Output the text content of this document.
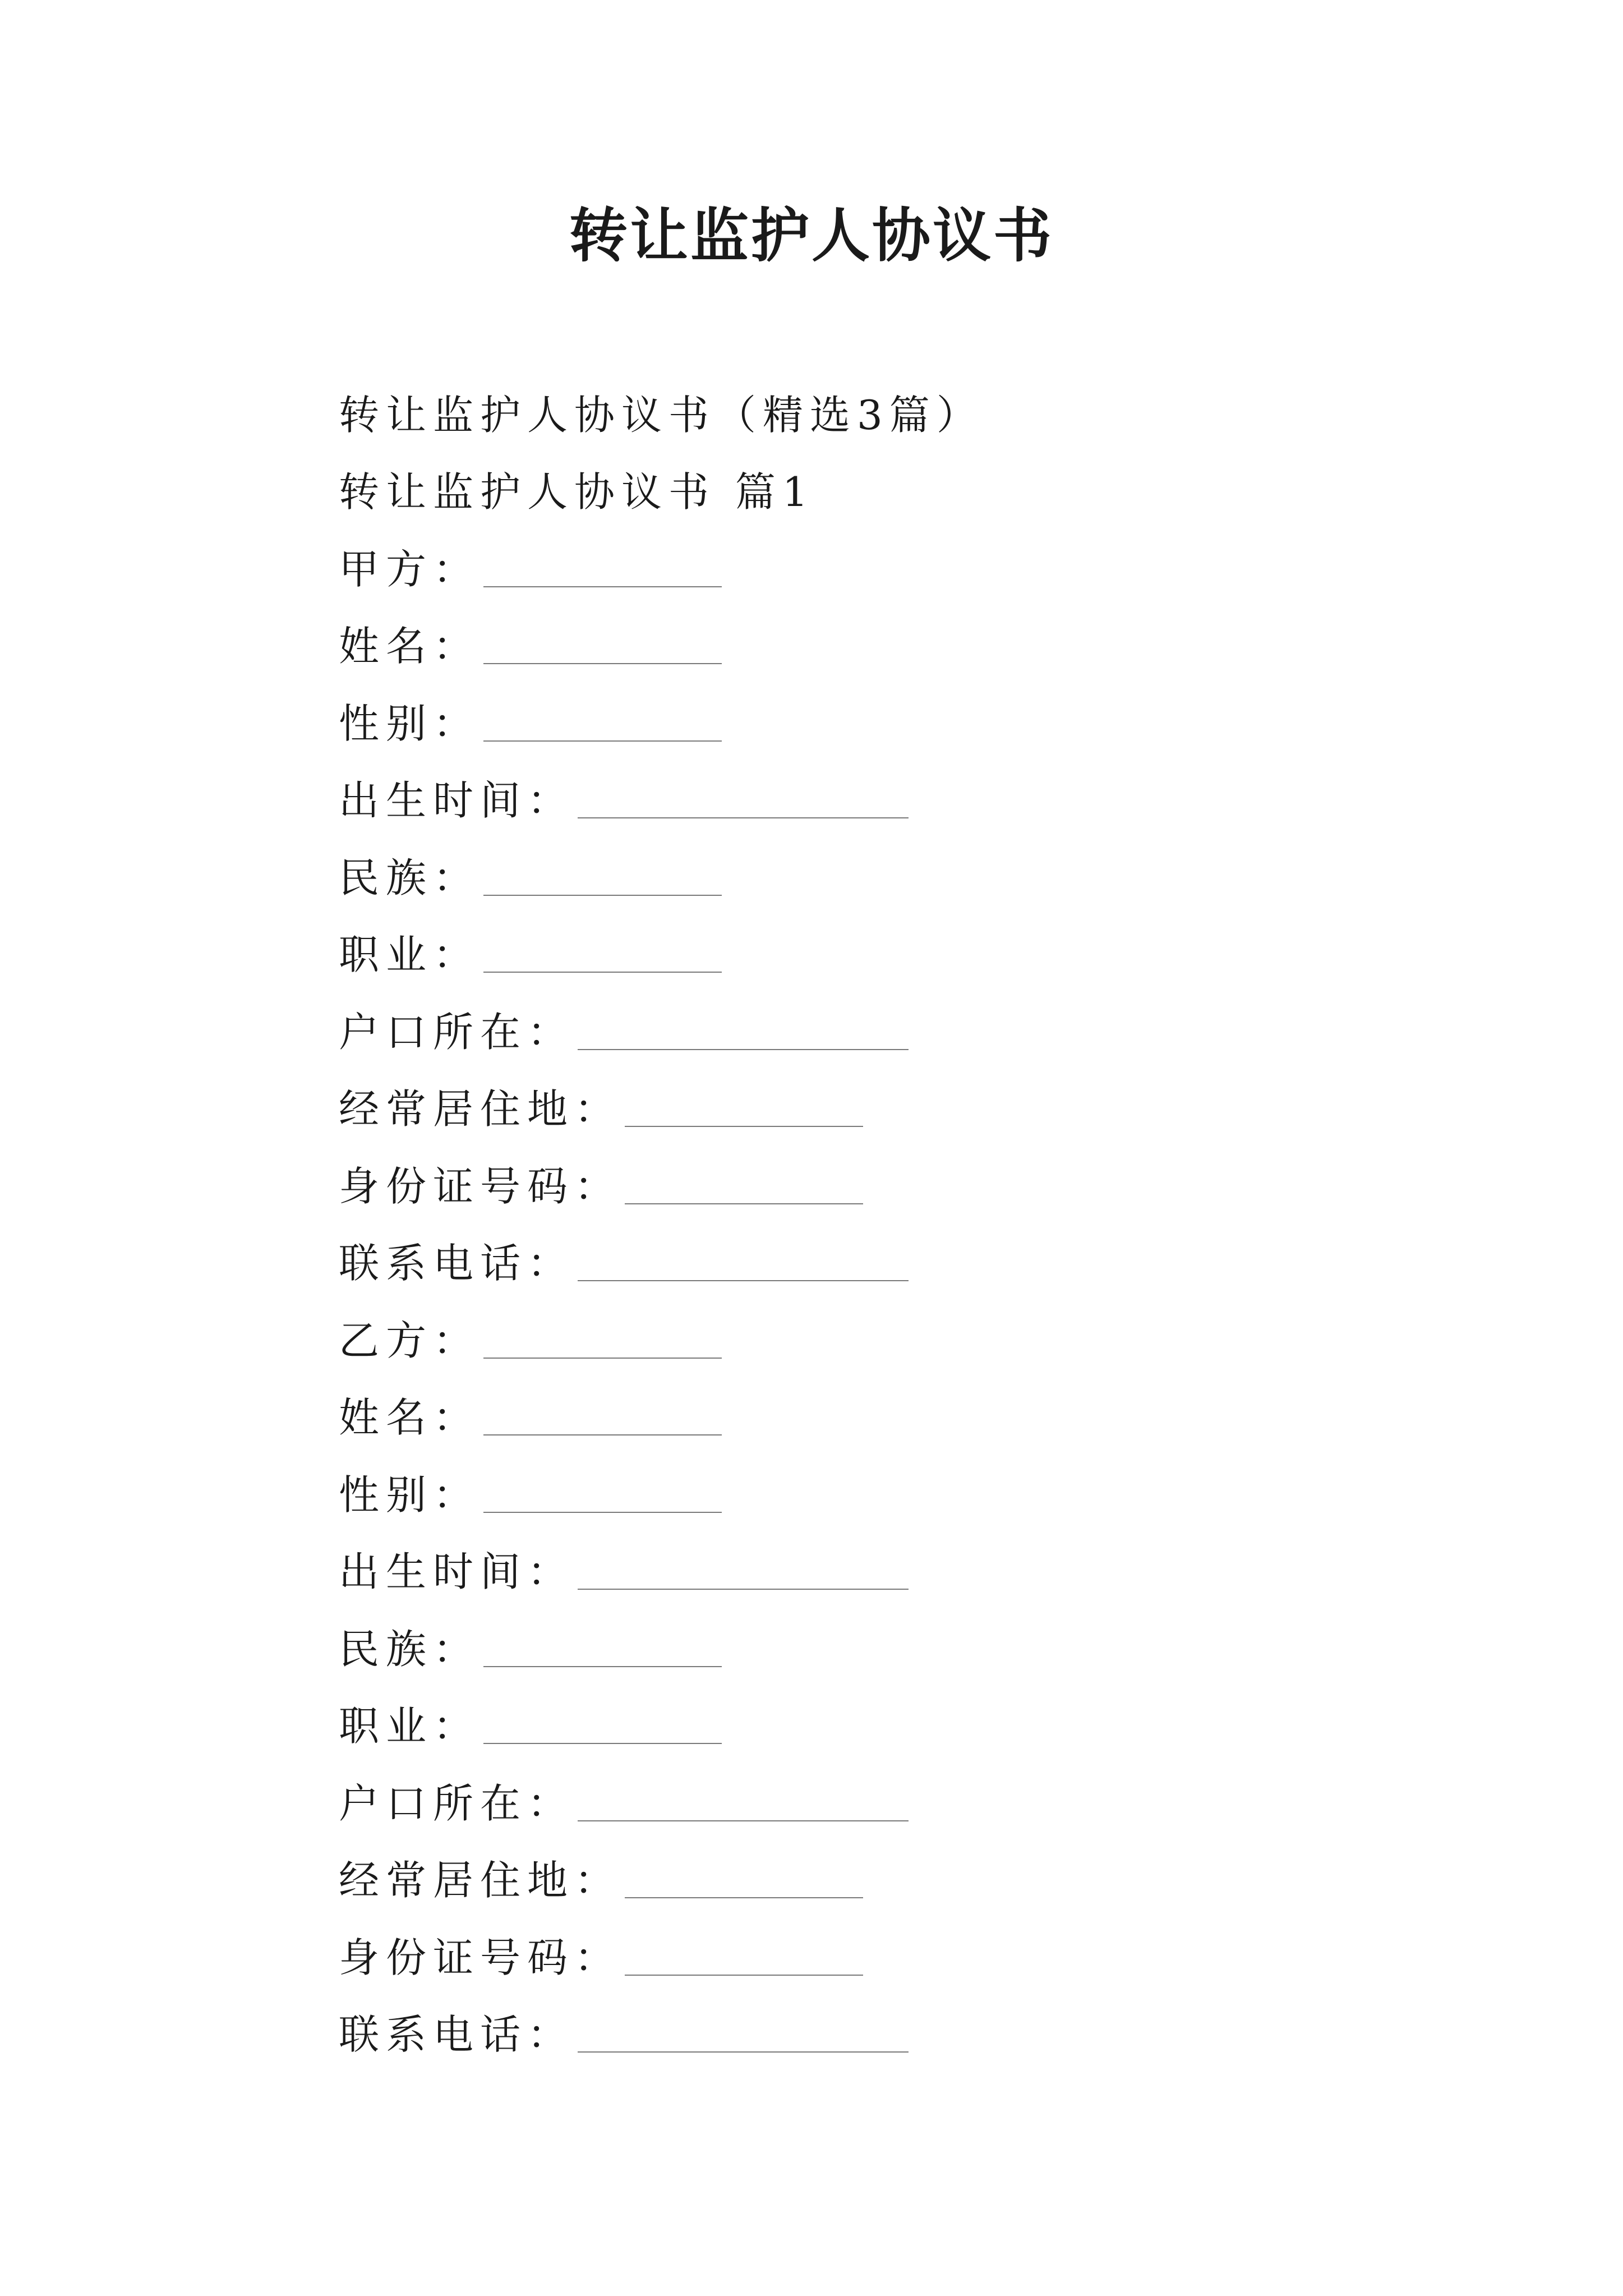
转让监护人协议书
转让监护人协议书（精选3篇）
转让监护人协议书 篇1
甲方：
姓名：
性别：
出生时间：
民族：
职业：
户口所在：
经常居住地：
身份证号码：
联系电话：
乙方：
姓名：
性别：
出生时间：
民族：
职业：
户口所在：
经常居住地：
身份证号码：
联系电话：
